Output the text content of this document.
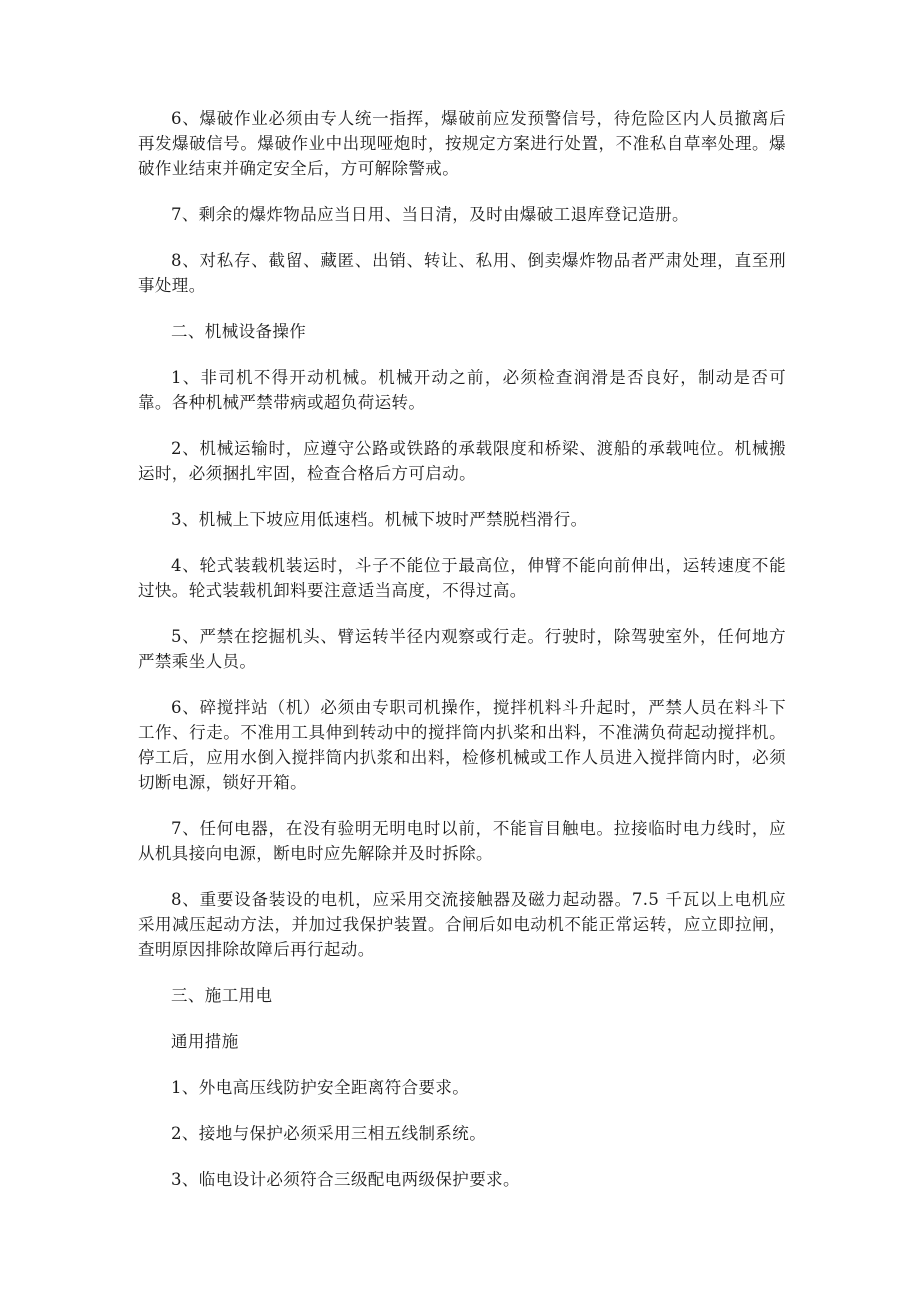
6、爆破作业必须由专人统一指挥，爆破前应发预警信号，待危险区内人员撤离后再发爆破信号。爆破作业中出现哑炮时，按规定方案进行处置，不准私自草率处理。爆破作业结束并确定安全后，方可解除警戒。

7、剩余的爆炸物品应当日用、当日清，及时由爆破工退库登记造册。

8、对私存、截留、藏匿、出销、转让、私用、倒卖爆炸物品者严肃处理，直至刑事处理。

二、机械设备操作

1、非司机不得开动机械。机械开动之前，必须检查润滑是否良好，制动是否可靠。各种机械严禁带病或超负荷运转。

2、机械运输时，应遵守公路或铁路的承载限度和桥梁、渡船的承载吨位。机械搬运时，必须捆扎牢固，检查合格后方可启动。

3、机械上下坡应用低速档。机械下坡时严禁脱档滑行。

4、轮式装载机装运时，斗子不能位于最高位，伸臂不能向前伸出，运转速度不能过快。轮式装载机卸料要注意适当高度，不得过高。

5、严禁在挖掘机头、臂运转半径内观察或行走。行驶时，除驾驶室外，任何地方严禁乘坐人员。

6、碎搅拌站（机）必须由专职司机操作，搅拌机料斗升起时，严禁人员在料斗下工作、行走。不准用工具伸到转动中的搅拌筒内扒桨和出料，不准满负荷起动搅拌机。停工后，应用水倒入搅拌筒内扒浆和出料，检修机械或工作人员进入搅拌筒内时，必须切断电源，锁好开箱。

7、任何电器，在没有验明无明电时以前，不能盲目触电。拉接临时电力线时，应从机具接向电源，断电时应先解除并及时拆除。

8、重要设备装设的电机，应采用交流接触器及磁力起动器。7.5 千瓦以上电机应采用减压起动方法，并加过我保护装置。合闸后如电动机不能正常运转，应立即拉闸，查明原因排除故障后再行起动。

三、施工用电

通用措施

1、外电高压线防护安全距离符合要求。

2、接地与保护必须采用三相五线制系统。

3、临电设计必须符合三级配电两级保护要求。
